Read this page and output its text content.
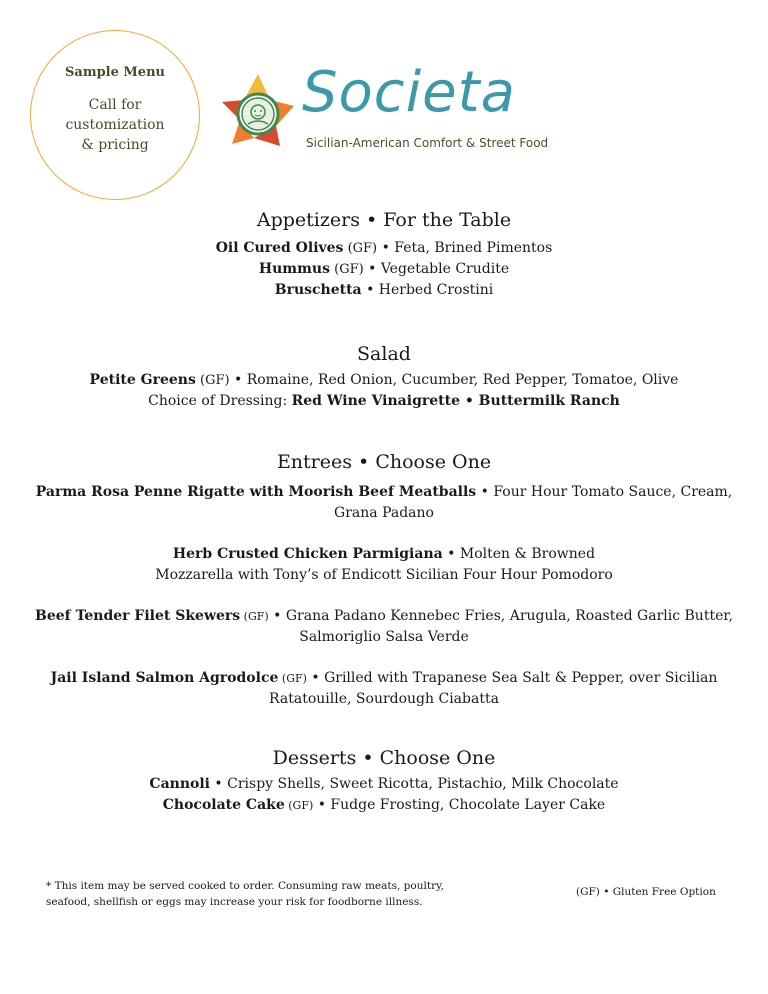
Sample Menu
Call for
customization
& pricing
Societa
Sicilian-American Comfort & Street Food
Appetizers • For the Table
Oil Cured Olives (GF) • Feta, Brined Pimentos
Hummus (GF) • Vegetable Crudite
Bruschetta • Herbed Crostini
Salad
Petite Greens (GF) • Romaine, Red Onion, Cucumber, Red Pepper, Tomatoe, Olive
Choice of Dressing: Red Wine Vinaigrette • Buttermilk Ranch
Entrees • Choose One
Parma Rosa Penne Rigatte with Moorish Beef Meatballs • Four Hour Tomato Sauce, Cream,
Grana Padano
Herb Crusted Chicken Parmigiana • Molten & Browned
Mozzarella with Tony’s of Endicott Sicilian Four Hour Pomodoro
Beef Tender Filet Skewers (GF) • Grana Padano Kennebec Fries, Arugula, Roasted Garlic Butter,
Salmoriglio Salsa Verde
Jail Island Salmon Agrodolce (GF) • Grilled with Trapanese Sea Salt & Pepper, over Sicilian
Ratatouille, Sourdough Ciabatta
Desserts • Choose One
Cannoli • Crispy Shells, Sweet Ricotta, Pistachio, Milk Chocolate
Chocolate Cake (GF) • Fudge Frosting, Chocolate Layer Cake
* This item may be served cooked to order. Consuming raw meats, poultry,
seafood, shellfish or eggs may increase your risk for foodborne illness.
(GF) • Gluten Free Option
